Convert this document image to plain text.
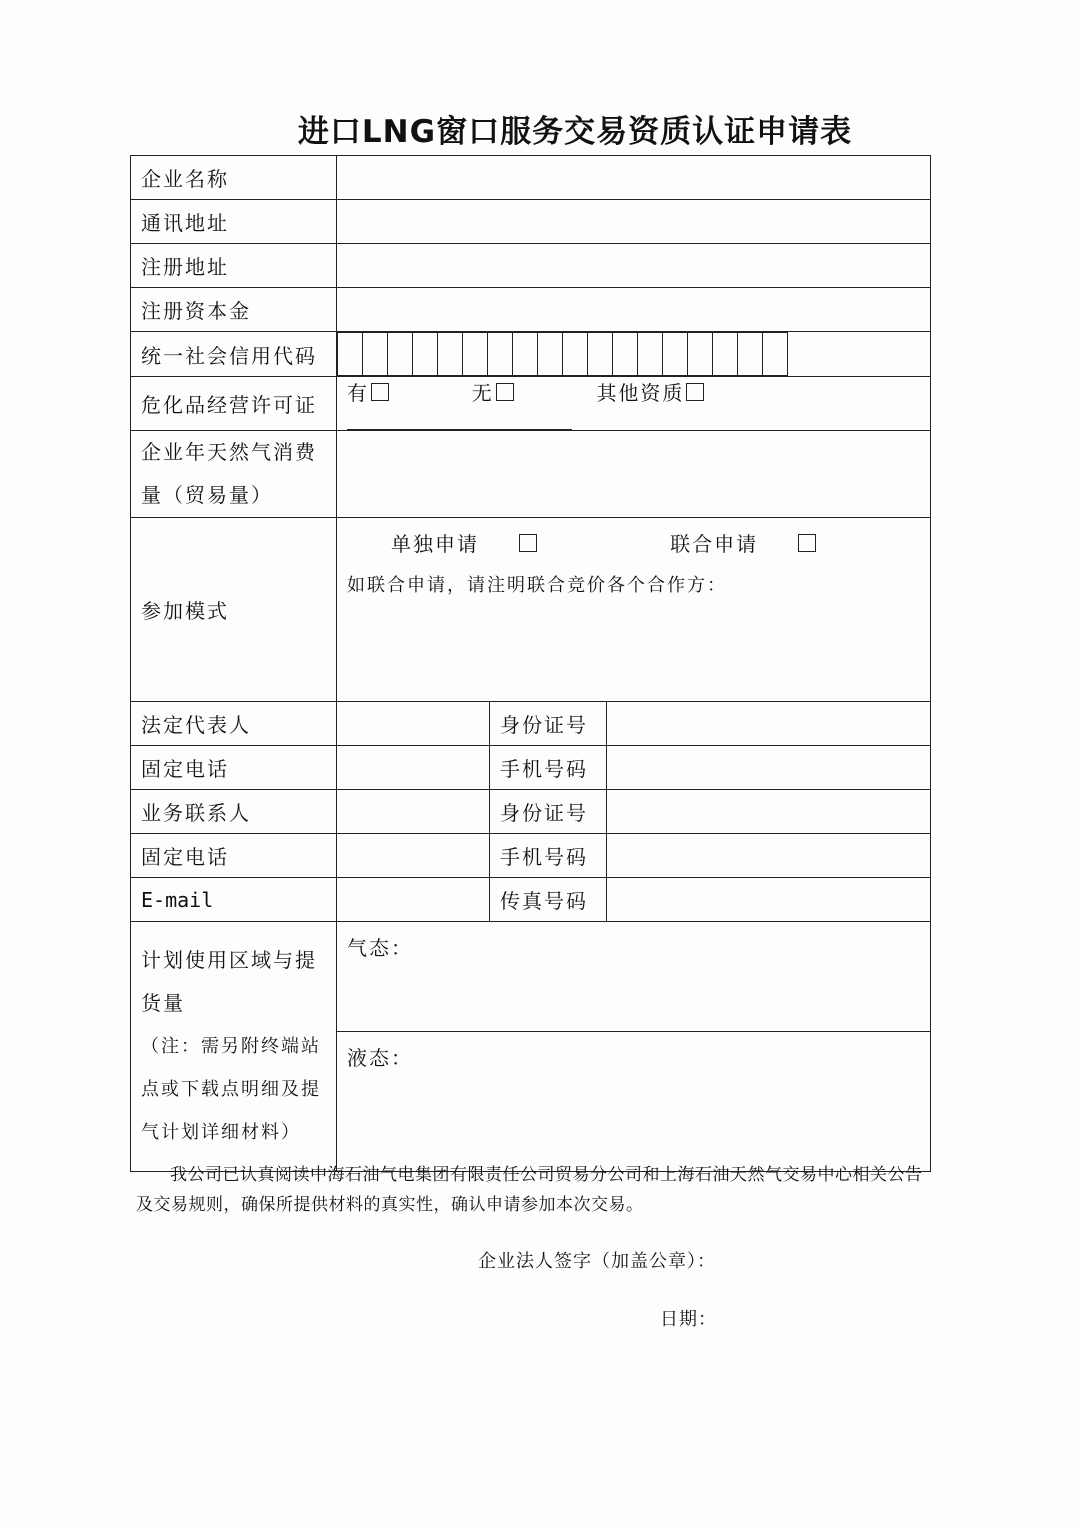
进口LNG窗口服务交易资质认证申请表
企业名称			
通讯地址			
注册地址			
注册资本金			
统一社会信用代码			

危化品经营许可证	有 无 其他资质		

企业年天然气消费
量（贸易量）			

参加模式	单独申请 联合申请
如联合申请，请注明联合竞价各个合作方：		

法定代表人		身份证号	
固定电话		手机号码	
业务联系人		身份证号	
固定电话		手机号码	
E-mail		传真号码	

计划使用区域与提
货量
（注：需另附终端站
点或下载点明细及提
气计划详细材料）	气态：		
	液态：		
我公司已认真阅读中海石油气电集团有限责任公司贸易分公司和上海石油天然气交易中心相关公告及交易规则，确保所提供材料的真实性，确认申请参加本次交易。
企业法人签字（加盖公章）：
日期：
